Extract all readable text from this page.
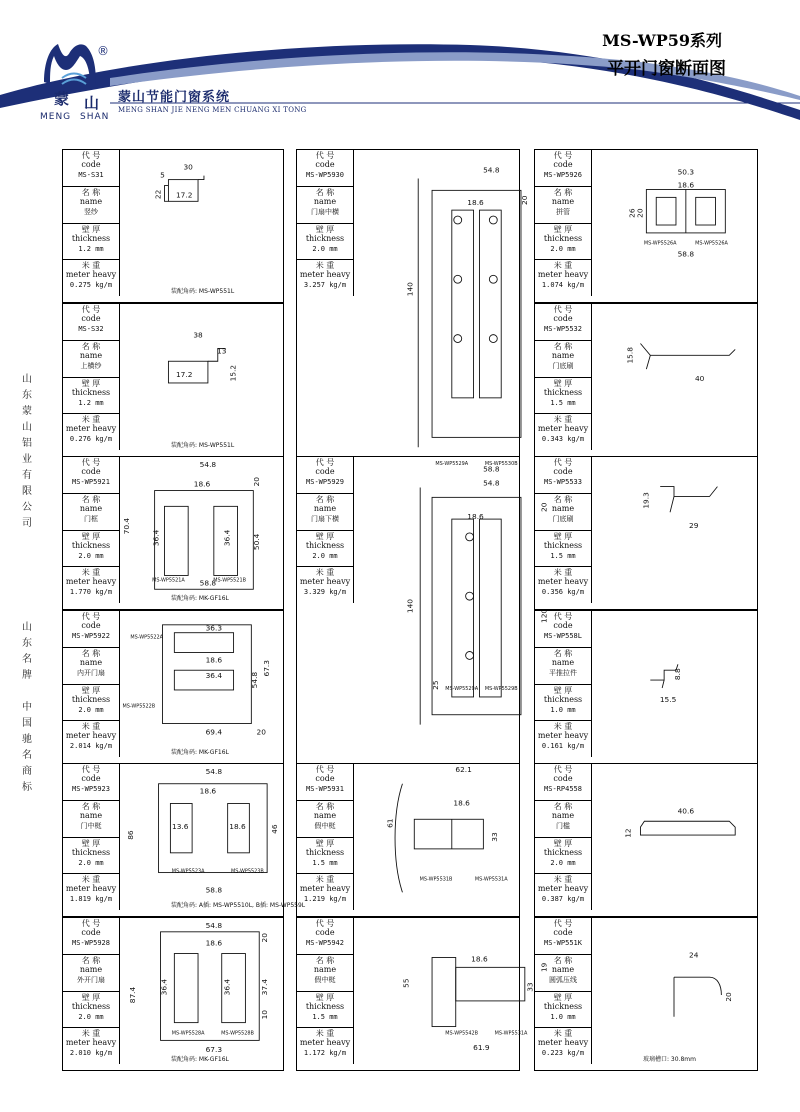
®
蒙 山
MENG SHAN
蒙山节能门窗系统
MENG SHAN JIE NENG MEN CHUANG XI TONG
MS-WP59系列
平开门窗断面图
山东蒙山铝业有限公司
山东名牌
中国驰名商标
代 号
code
MS-S31
名 称
name
竖纱
壁 厚
thickness
1.2 mm
米 重
meter heavy
0.275 kg/m
30
5
22 17.2
装配角码: MS-WP551L
代 号
code
MS-WP5930
名 称
name
门扇中横
壁 厚
thickness
2.0 mm
米 重
meter heavy
3.257 kg/m
54.8
20
18.6
140
MS-WP5529A	MS-WP5530B
代 号
code
MS-WP5926
名 称
name
拼管
壁 厚
thickness
2.0 mm
米 重
meter heavy
1.074 kg/m
50.3
18.6
26
20
58.8
MS-WP5526A	MS-WP5526A
代 号
code
MS-S32
名 称
name
上横纱
壁 厚
thickness
1.2 mm
米 重
meter heavy
0.276 kg/m
38
13
15.2
17.2
装配角码: MS-WP551L
代 号
code
MS-WP5532
名 称
name
门底刷
壁 厚
thickness
1.5 mm
米 重
meter heavy
0.343 kg/m
15.8
40
代 号
code
MS-WP5921
名 称
name
门框
壁 厚
thickness
2.0 mm
米 重
meter heavy
1.770 kg/m
54.8
18.6	20
70.4
36.4	36.4	50.4
58.8
MS-WP5521A	MS-WP5521B
装配角码: MK-GF16L
代 号
code
MS-WP5929
名 称
name
门扇下横
壁 厚
thickness
2.0 mm
米 重
meter heavy
3.329 kg/m
58.8
54.8
18.6
20
140
120
25 MS-WP5529A MS-WP5529B
代 号
code
MS-WP5533
名 称
name
门底刷
壁 厚
thickness
1.5 mm
米 重
meter heavy
0.356 kg/m
19.3
29
代 号
code
MS-WP5922
名 称
name
内开门扇
壁 厚
thickness
2.0 mm
米 重
meter heavy
2.014 kg/m
36.3
18.6
54.8
67.3
36.4
69.4	20
MS-WP5522A
MS-WP5522B
装配角码: MK-GF16L
代 号
code
MS-WP558L
名 称
name
平推拉件
壁 厚
thickness
1.0 mm
米 重
meter heavy
0.161 kg/m
8.8
15.5
代 号
code
MS-WP5923
名 称
name
门中梃
壁 厚
thickness
2.0 mm
米 重
meter heavy
1.819 kg/m
54.8
18.6
86
13.6	18.6	46
58.8
MS-WP5523A	MS-WP5523B
装配角码: A插: MS-WP5510L, B插: MS-WP559L
代 号
code
MS-WP5931
名 称
name
假中梃
壁 厚
thickness
1.5 mm
米 重
meter heavy
1.219 kg/m
62.1
18.6
61
33
MS-WP5531B	MS-WP5531A
代 号
code
MS-RP4558
名 称
name
门槛
壁 厚
thickness
2.0 mm
米 重
meter heavy
0.387 kg/m
40.6
12
代 号
code
MS-WP5928
名 称
name
外开门扇
壁 厚
thickness
2.0 mm
米 重
meter heavy
2.010 kg/m
54.8
18.6
20
87.4	36.4	36.4	37.4
10
67.3
MS-WP5528A	MS-WP5528B
装配角码: MK-GF16L
代 号
code
MS-WP5942
名 称
name
假中梃
壁 厚
thickness
1.5 mm
米 重
meter heavy
1.172 kg/m
18.6
55
19
33
61.9
MS-WP5542B	MS-WP5531A
代 号
code
MS-WP551K
名 称
name
圆弧压线
壁 厚
thickness
1.0 mm
米 重
meter heavy
0.223 kg/m
24
20
玻璃槽口: 30.8mm
